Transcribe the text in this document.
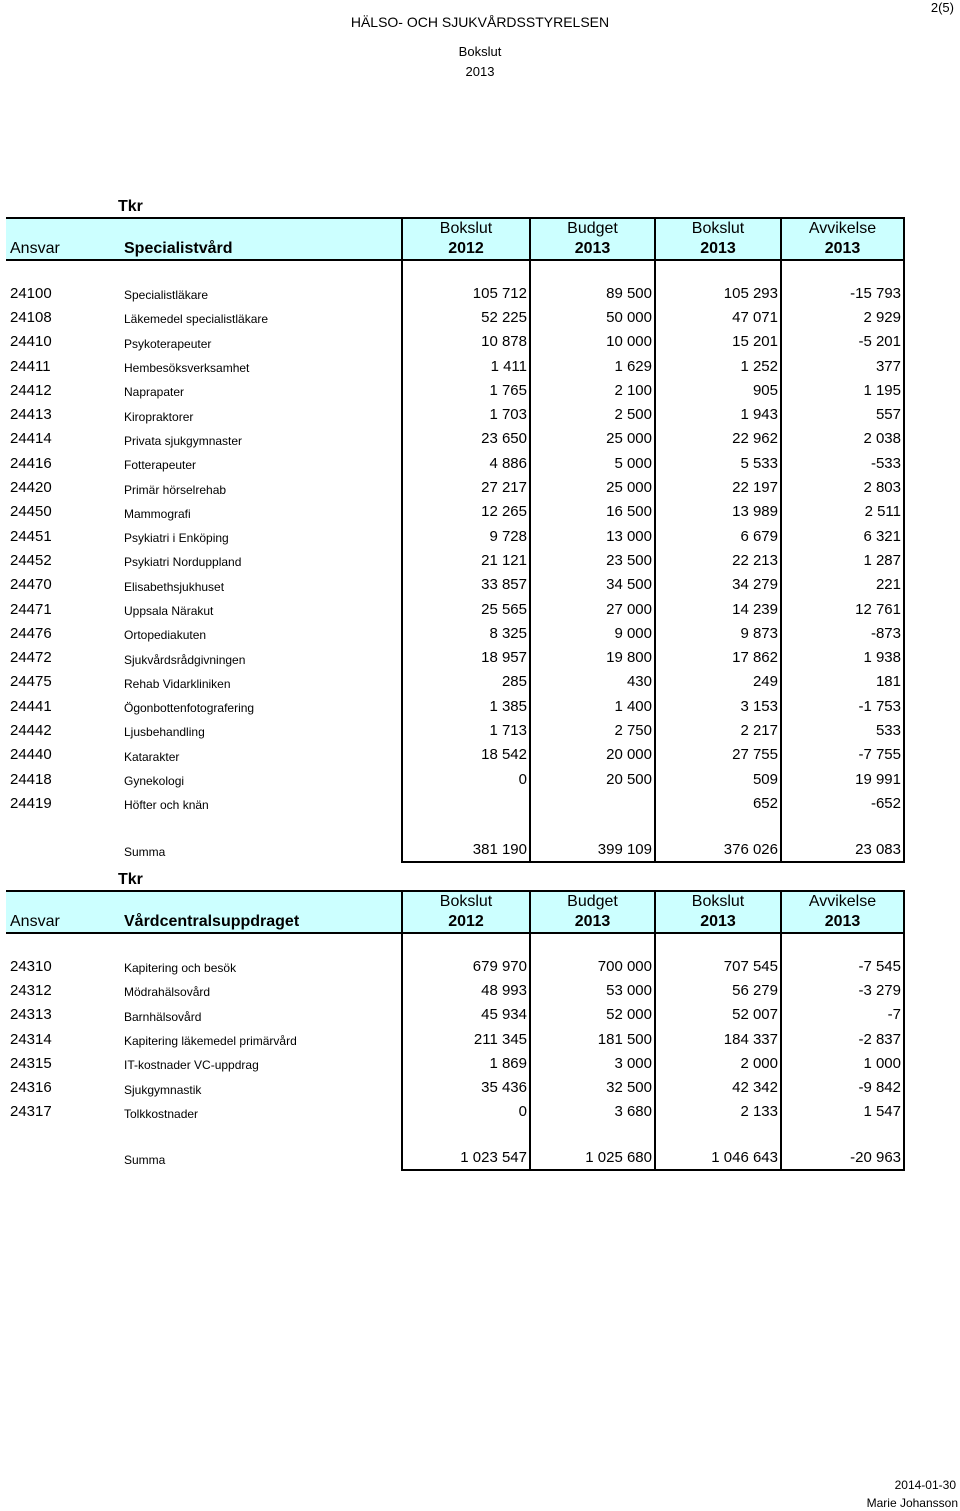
2(5)
HÄLSO- OCH SJUKVÅRDSSTYRELSEN
Bokslut
2013
Tkr
		Bokslut	Budget	Bokslut	Avvikelse
Ansvar	Specialistvård	2012	2013	2013	2013

24100	Specialistläkare	105 712	89 500	105 293	-15 793
24108	Läkemedel specialistläkare	52 225	50 000	47 071	2 929
24410	Psykoterapeuter	10 878	10 000	15 201	-5 201
24411	Hembesöksverksamhet	1 411	1 629	1 252	377
24412	Naprapater	1 765	2 100	905	1 195
24413	Kiropraktorer	1 703	2 500	1 943	557
24414	Privata sjukgymnaster	23 650	25 000	22 962	2 038
24416	Fotterapeuter	4 886	5 000	5 533	-533
24420	Primär hörselrehab	27 217	25 000	22 197	2 803
24450	Mammografi	12 265	16 500	13 989	2 511
24451	Psykiatri i Enköping	9 728	13 000	6 679	6 321
24452	Psykiatri Norduppland	21 121	23 500	22 213	1 287
24470	Elisabethsjukhuset	33 857	34 500	34 279	221
24471	Uppsala Närakut	25 565	27 000	14 239	12 761
24476	Ortopediakuten	8 325	9 000	9 873	-873
24472	Sjukvårdsrådgivningen	18 957	19 800	17 862	1 938
24475	Rehab Vidarkliniken	285	430	249	181
24441	Ögonbottenfotografering	1 385	1 400	3 153	-1 753
24442	Ljusbehandling	1 713	2 750	2 217	533
24440	Katarakter	18 542	20 000	27 755	-7 755
24418	Gynekologi	0	20 500	509	19 991
24419	Höfter och knän			652	-652

	Summa	381 190	399 109	376 026	23 083
Tkr
		Bokslut	Budget	Bokslut	Avvikelse
Ansvar	Vårdcentralsuppdraget	2012	2013	2013	2013

24310	Kapitering och besök	679 970	700 000	707 545	-7 545
24312	Mödrahälsovård	48 993	53 000	56 279	-3 279
24313	Barnhälsovård	45 934	52 000	52 007	-7
24314	Kapitering läkemedel primärvård	211 345	181 500	184 337	-2 837
24315	IT-kostnader VC-uppdrag	1 869	3 000	2 000	1 000
24316	Sjukgymnastik	35 436	32 500	42 342	-9 842
24317	Tolkkostnader	0	3 680	2 133	1 547

	Summa	1 023 547	1 025 680	1 046 643	-20 963
2014-01-30
Marie Johansson
